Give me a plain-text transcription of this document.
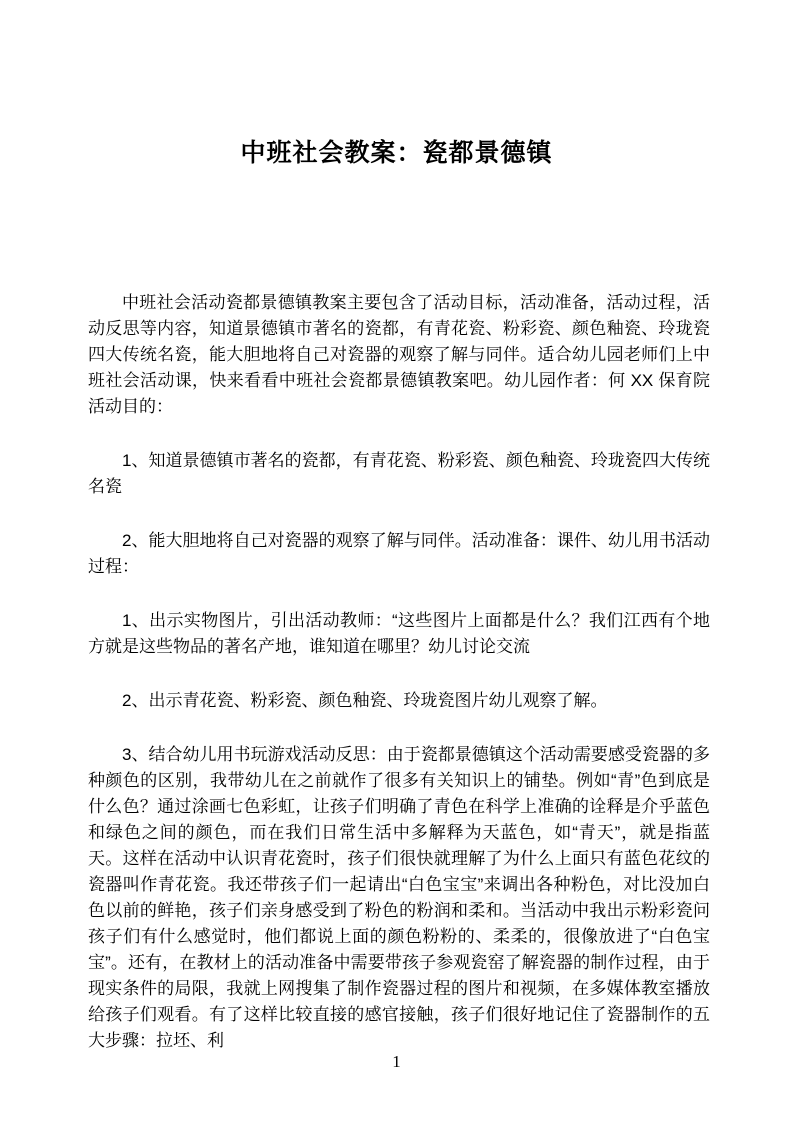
中班社会教案：瓷都景德镇

中班社会活动瓷都景德镇教案主要包含了活动目标，活动准备，活动过程，活动反思等内容，知道景德镇市著名的瓷都，有青花瓷、粉彩瓷、颜色釉瓷、玲珑瓷四大传统名瓷，能大胆地将自己对瓷器的观察了解与同伴。适合幼儿园老师们上中班社会活动课，快来看看中班社会瓷都景德镇教案吧。幼儿园作者：何 XX 保育院活动目的：

1、知道景德镇市著名的瓷都，有青花瓷、粉彩瓷、颜色釉瓷、玲珑瓷四大传统名瓷

2、能大胆地将自己对瓷器的观察了解与同伴。活动准备：课件、幼儿用书活动过程：

1、出示实物图片，引出活动教师：“这些图片上面都是什么？我们江西有个地方就是这些物品的著名产地，谁知道在哪里？幼儿讨论交流

2、出示青花瓷、粉彩瓷、颜色釉瓷、玲珑瓷图片幼儿观察了解。

3、结合幼儿用书玩游戏活动反思：由于瓷都景德镇这个活动需要感受瓷器的多种颜色的区别，我带幼儿在之前就作了很多有关知识上的铺垫。例如“青”色到底是什么色？通过涂画七色彩虹，让孩子们明确了青色在科学上准确的诠释是介乎蓝色和绿色之间的颜色，而在我们日常生活中多解释为天蓝色，如“青天”，就是指蓝天。这样在活动中认识青花瓷时，孩子们很快就理解了为什么上面只有蓝色花纹的瓷器叫作青花瓷。我还带孩子们一起请出“白色宝宝”来调出各种粉色，对比没加白色以前的鲜艳，孩子们亲身感受到了粉色的粉润和柔和。当活动中我出示粉彩瓷问孩子们有什么感觉时，他们都说上面的颜色粉粉的、柔柔的，很像放进了“白色宝宝”。还有，在教材上的活动准备中需要带孩子参观瓷窑了解瓷器的制作过程，由于现实条件的局限，我就上网搜集了制作瓷器过程的图片和视频，在多媒体教室播放给孩子们观看。有了这样比较直接的感官接触，孩子们很好地记住了瓷器制作的五大步骤：拉坯、利

1
